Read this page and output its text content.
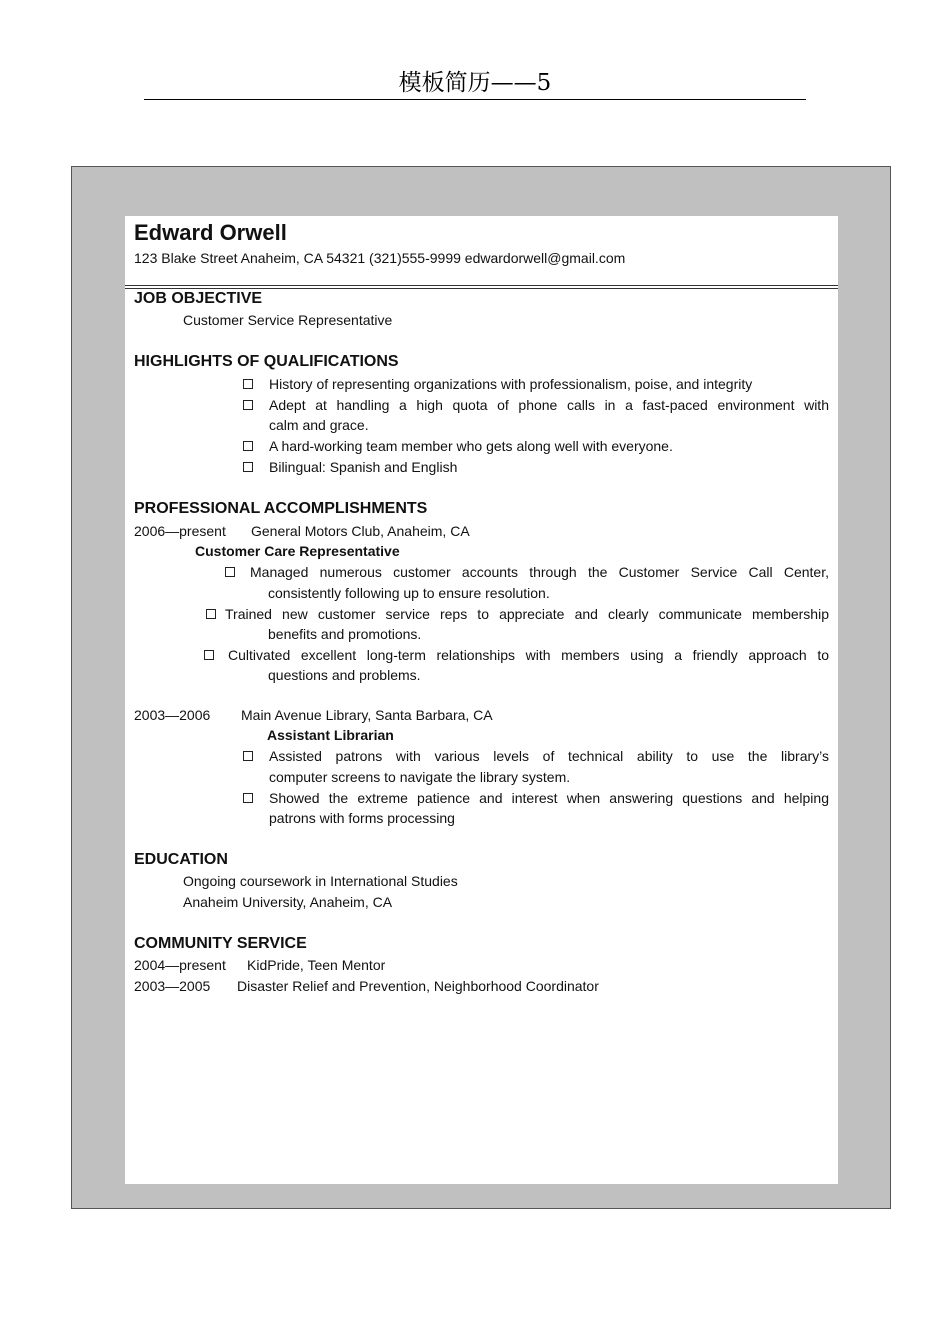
模板简历——5
Edward Orwell
123 Blake Street Anaheim, CA 54321 (321)555-9999 edwardorwell@gmail.com
JOB OBJECTIVE
Customer Service Representative
HIGHLIGHTS OF QUALIFICATIONS
History of representing organizations with professionalism, poise, and integrity
Adept at handling a high quota of phone calls in a fast-paced environment with
calm and grace.
A hard-working team member who gets along well with everyone.
Bilingual: Spanish and English
PROFESSIONAL ACCOMPLISHMENTS
2006—present General Motors Club, Anaheim, CA
Customer Care Representative
Managed numerous customer accounts through the Customer Service Call Center,
consistently following up to ensure resolution.
Trained new customer service reps to appreciate and clearly communicate membership
benefits and promotions.
Cultivated excellent long-term relationships with members using a friendly approach to
questions and problems.
2003—2006 Main Avenue Library, Santa Barbara, CA
Assistant Librarian
Assisted patrons with various levels of technical ability to use the library’s
computer screens to navigate the library system.
Showed the extreme patience and interest when answering questions and helping
patrons with forms processing
EDUCATION
Ongoing coursework in International Studies
Anaheim University, Anaheim, CA
COMMUNITY SERVICE
2004—present KidPride, Teen Mentor
2003—2005 Disaster Relief and Prevention, Neighborhood Coordinator
